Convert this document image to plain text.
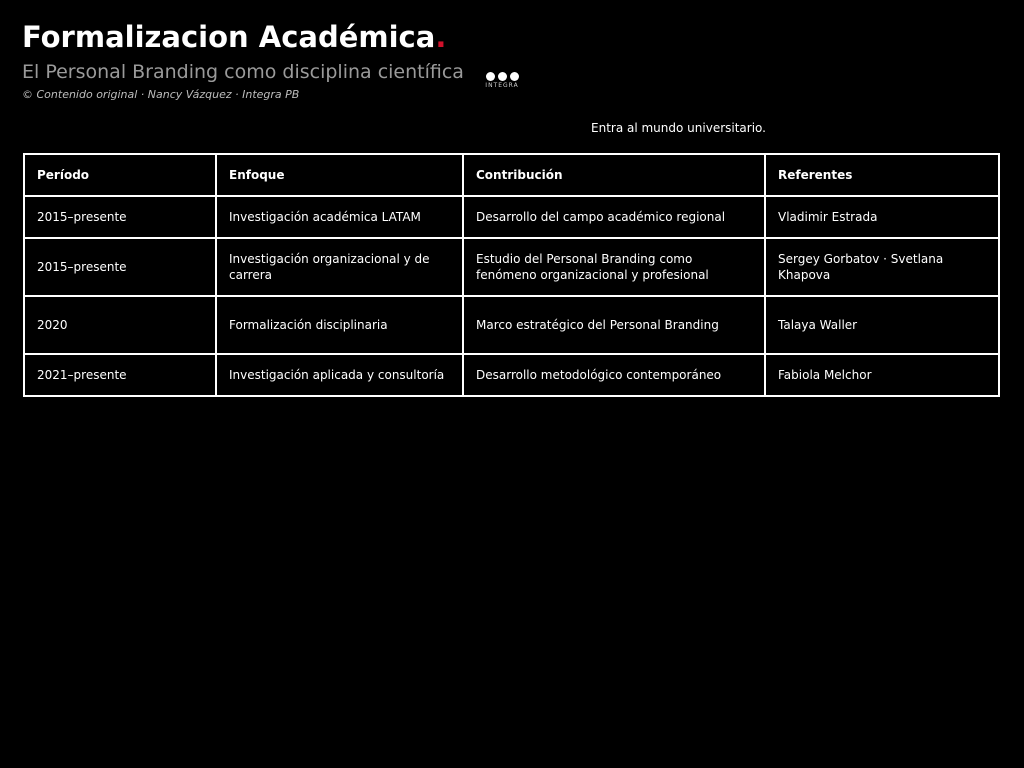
Formalizacion Académica.
El Personal Branding como disciplina científica
© Contenido original · Nancy Vázquez · Integra PB
INTEGRA
Entra al mundo universitario.
Período	Enfoque	Contribución	Referentes
2015–presente	Investigación académica LATAM	Desarrollo del campo académico regional	Vladimir Estrada
2015–presente	Investigación organizacional y de carrera	Estudio del Personal Branding como fenómeno organizacional y profesional	Sergey Gorbatov · Svetlana Khapova
2020	Formalización disciplinaria	Marco estratégico del Personal Branding	Talaya Waller
2021–presente	Investigación aplicada y consultoría	Desarrollo metodológico contemporáneo	Fabiola Melchor
